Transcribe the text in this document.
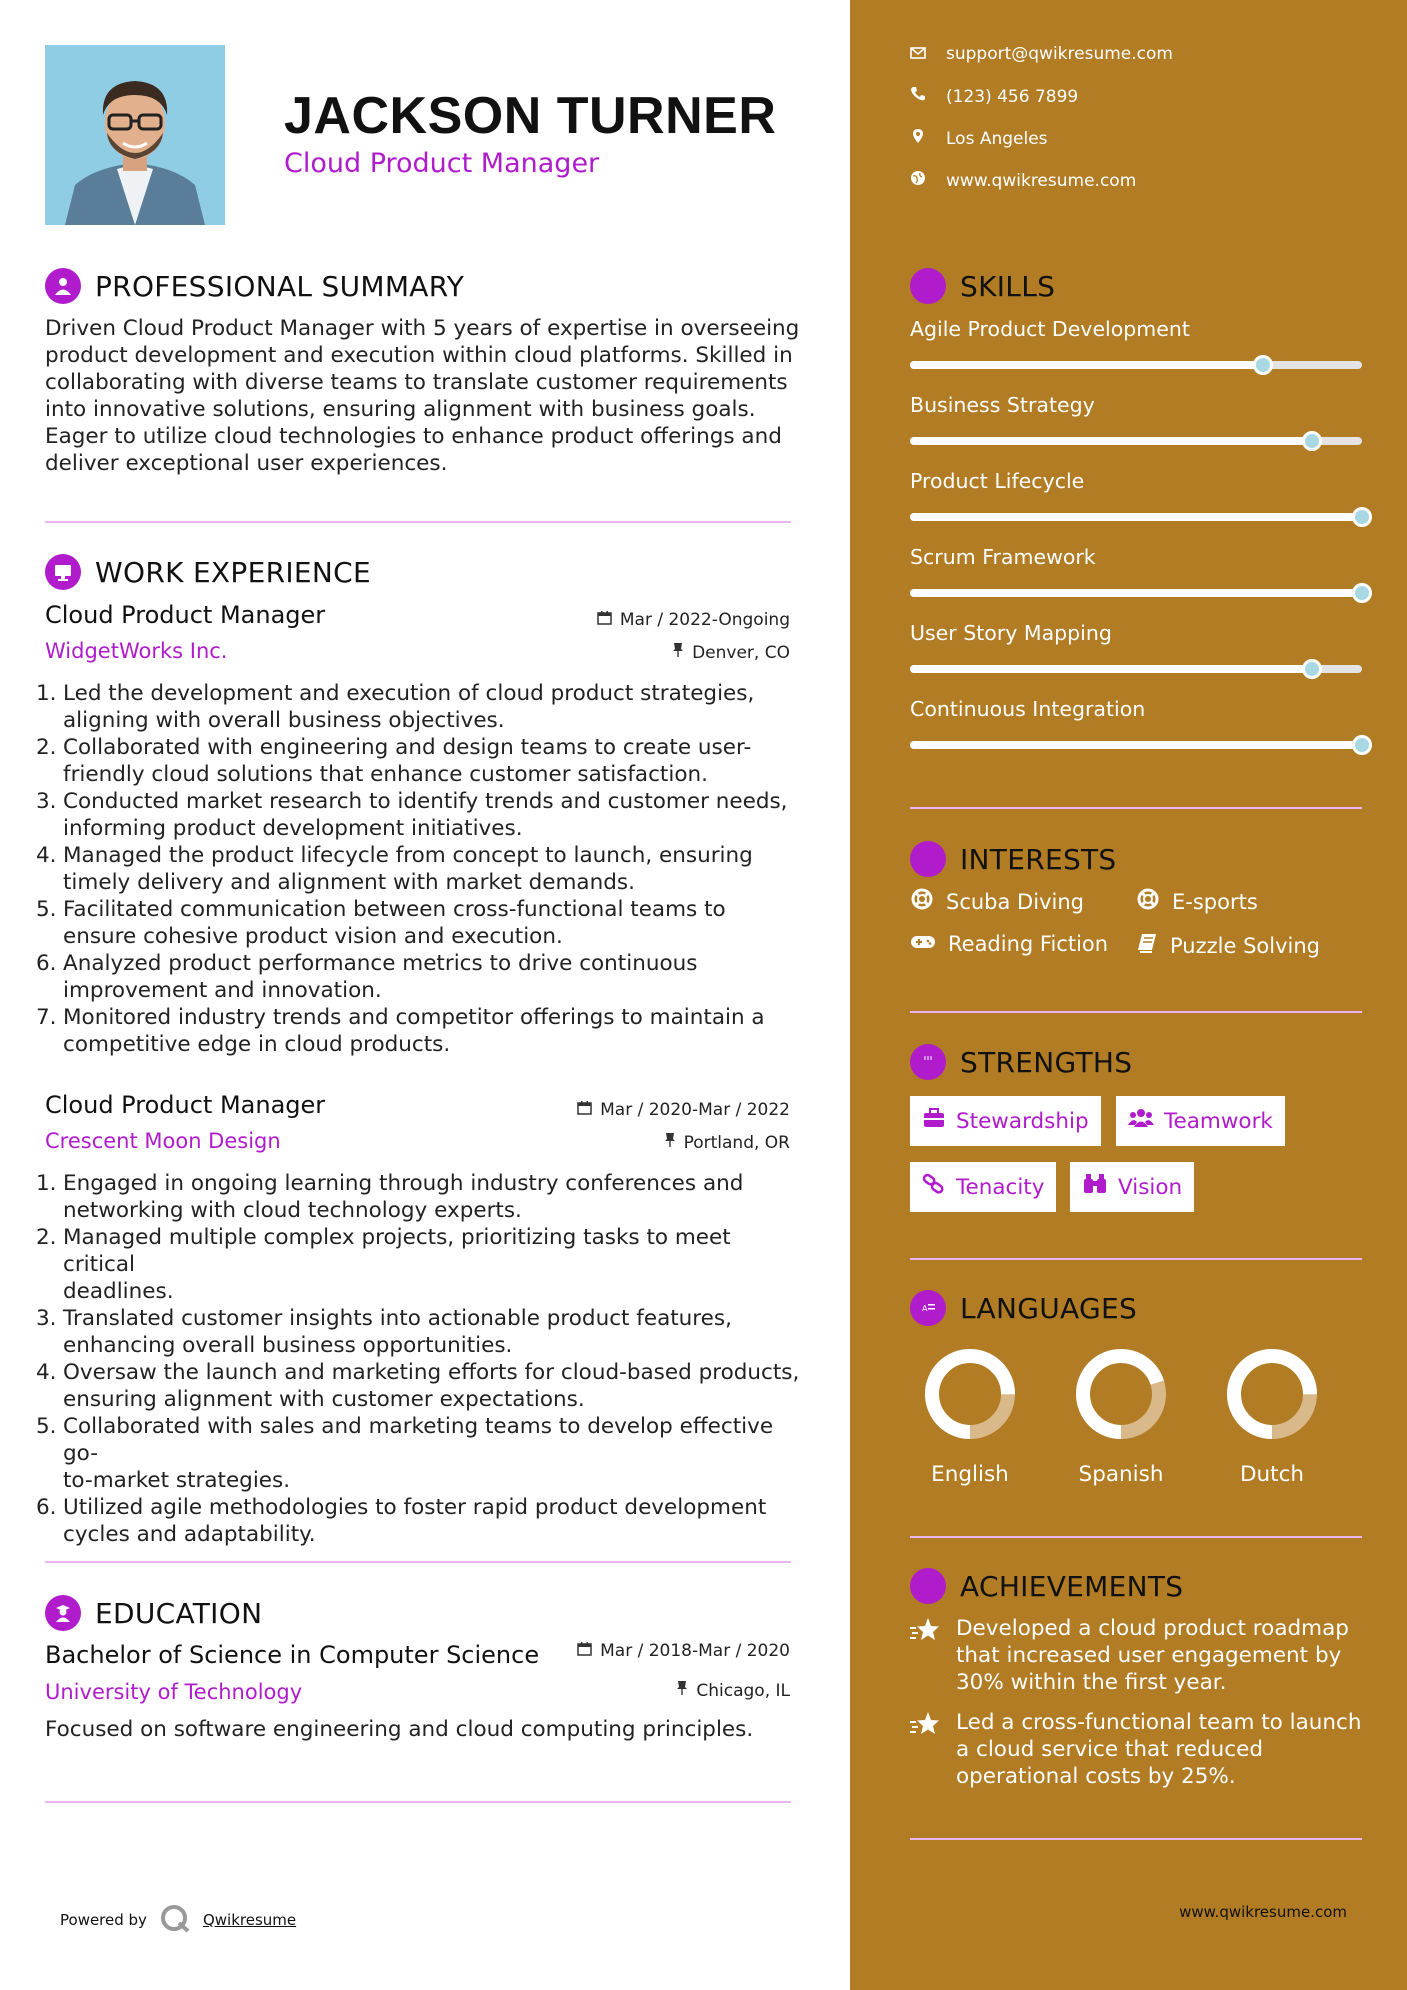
JACKSON TURNER
Cloud Product Manager
PROFESSIONAL SUMMARY
Driven Cloud Product Manager with 5 years of expertise in overseeing
product development and execution within cloud platforms. Skilled in
collaborating with diverse teams to translate customer requirements
into innovative solutions, ensuring alignment with business goals.
Eager to utilize cloud technologies to enhance product offerings and
deliver exceptional user experiences.
WORK EXPERIENCE
Cloud Product Manager	Mar / 2022-Ongoing
WidgetWorks Inc.	Denver, CO
1. Led the development and execution of cloud product strategies,
aligning with overall business objectives.
2. Collaborated with engineering and design teams to create user-
friendly cloud solutions that enhance customer satisfaction.
3. Conducted market research to identify trends and customer needs,
informing product development initiatives.
4. Managed the product lifecycle from concept to launch, ensuring
timely delivery and alignment with market demands.
5. Facilitated communication between cross-functional teams to
ensure cohesive product vision and execution.
6. Analyzed product performance metrics to drive continuous
improvement and innovation.
7. Monitored industry trends and competitor offerings to maintain a
competitive edge in cloud products.
Cloud Product Manager	Mar / 2020-Mar / 2022
Crescent Moon Design	Portland, OR
1. Engaged in ongoing learning through industry conferences and
networking with cloud technology experts.
2. Managed multiple complex projects, prioritizing tasks to meet critical
deadlines.
3. Translated customer insights into actionable product features,
enhancing overall business opportunities.
4. Oversaw the launch and marketing efforts for cloud-based products,
ensuring alignment with customer expectations.
5. Collaborated with sales and marketing teams to develop effective go-
to-market strategies.
6. Utilized agile methodologies to foster rapid product development
cycles and adaptability.
EDUCATION
Bachelor of Science in Computer Science	Mar / 2018-Mar / 2020
University of Technology	Chicago, IL
Focused on software engineering and cloud computing principles.
Powered by	Qwikresume
support@qwikresume.com
(123) 456 7899
Los Angeles
www.qwikresume.com
SKILLS
Agile Product Development
Business Strategy
Product Lifecycle
Scrum Framework
User Story Mapping
Continuous Integration
INTERESTS
Scuba Diving	E-sports
Reading Fiction	Puzzle Solving
STRENGTHS
Stewardship	Teamwork
Tenacity	Vision
A LANGUAGES
English	Spanish	Dutch
ACHIEVEMENTS
Developed a cloud product roadmap
that increased user engagement by
30% within the first year.
Led a cross-functional team to launch
a cloud service that reduced
operational costs by 25%.
www.qwikresume.com
